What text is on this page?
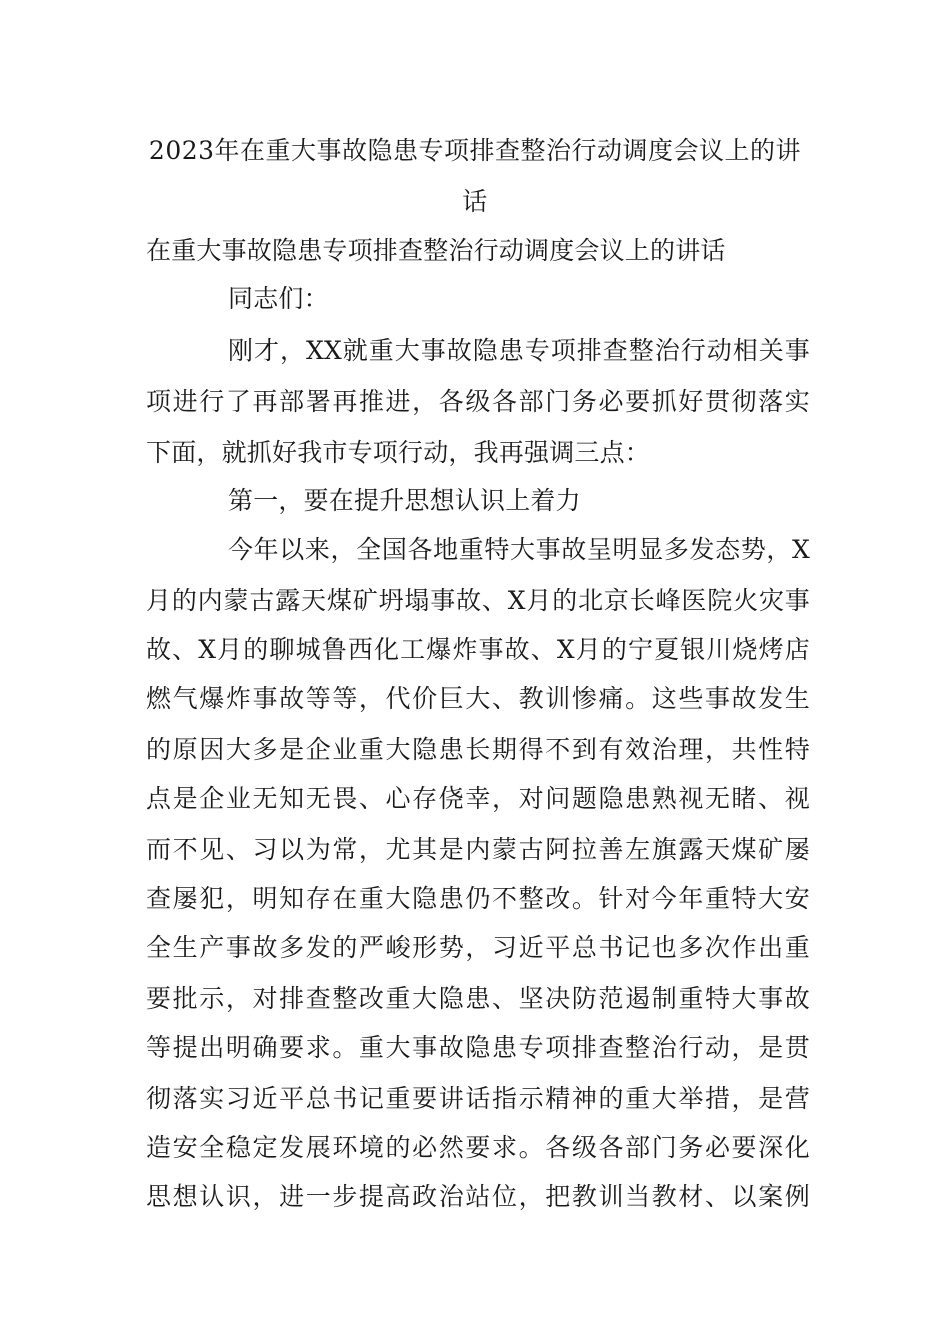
2023年在重大事故隐患专项排查整治行动调度会议上的讲
话
在重大事故隐患专项排查整治行动调度会议上的讲话
同志们：
刚才，XX就重大事故隐患专项排查整治行动相关事
项进行了再部署再推进，各级各部门务必要抓好贯彻落实
下面，就抓好我市专项行动，我再强调三点：
第一，要在提升思想认识上着力
今年以来，全国各地重特大事故呈明显多发态势，X
月的内蒙古露天煤矿坍塌事故、X月的北京长峰医院火灾事
故、X月的聊城鲁西化工爆炸事故、X月的宁夏银川烧烤店
燃气爆炸事故等等，代价巨大、教训惨痛。这些事故发生
的原因大多是企业重大隐患长期得不到有效治理，共性特
点是企业无知无畏、心存侥幸，对问题隐患熟视无睹、视
而不见、习以为常，尤其是内蒙古阿拉善左旗露天煤矿屡
查屡犯，明知存在重大隐患仍不整改。针对今年重特大安
全生产事故多发的严峻形势，习近平总书记也多次作出重
要批示，对排查整改重大隐患、坚决防范遏制重特大事故
等提出明确要求。重大事故隐患专项排查整治行动，是贯
彻落实习近平总书记重要讲话指示精神的重大举措，是营
造安全稳定发展环境的必然要求。各级各部门务必要深化
思想认识，进一步提高政治站位，把教训当教材、以案例
